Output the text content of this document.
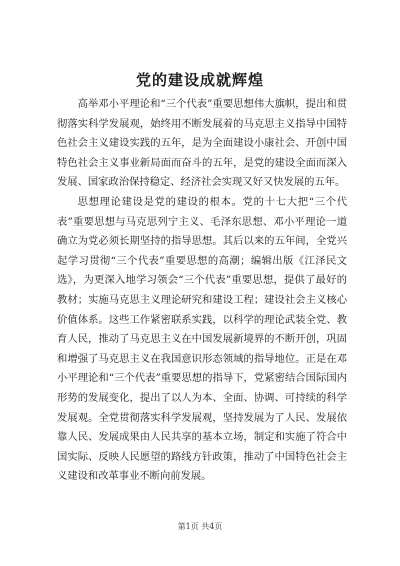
党的建设成就辉煌

高举邓小平理论和“三个代表”重要思想伟大旗帜，提出和贯彻落实科学发展观，始终用不断发展着的马克思主义指导中国特色社会主义建设实践的五年，是为全面建设小康社会、开创中国特色社会主义事业新局面而奋斗的五年，是党的建设全面而深入发展、国家政治保持稳定、经济社会实现又好又快发展的五年。

思想理论建设是党的建设的根本。党的十七大把“三个代表”重要思想与马克思列宁主义、毛泽东思想、邓小平理论一道确立为党必须长期坚持的指导思想。其后以来的五年间，全党兴起学习贯彻“三个代表”重要思想的高潮；编辑出版《江泽民文选》，为更深入地学习领会“三个代表”重要思想，提供了最好的教材；实施马克思主义理论研究和建设工程；建设社会主义核心价值体系。这些工作紧密联系实践，以科学的理论武装全党、教育人民，推动了马克思主义在中国发展新境界的不断开创，巩固和增强了马克思主义在我国意识形态领域的指导地位。正是在邓小平理论和“三个代表”重要思想的指导下，党紧密结合国际国内形势的发展变化，提出了以人为本、全面、协调、可持续的科学发展观。全党贯彻落实科学发展观，坚持发展为了人民、发展依靠人民、发展成果由人民共享的基本立场，制定和实施了符合中国实际、反映人民愿望的路线方针政策，推动了中国特色社会主义建设和改革事业不断向前发展。

第1页 共4页
